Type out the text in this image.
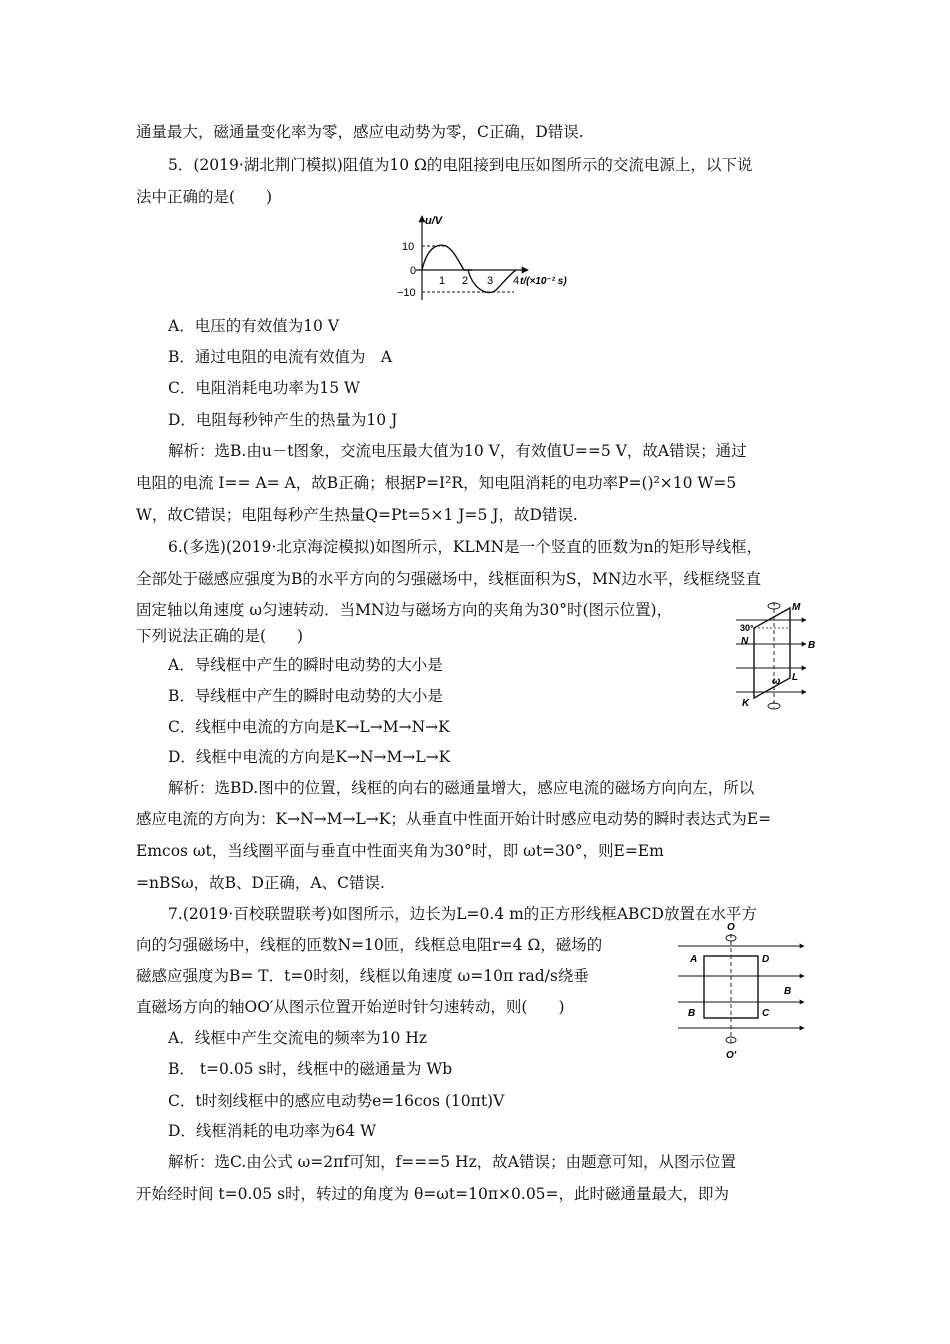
通量最大，磁通量变化率为零，感应电动势为零，C正确，D错误.
5．(2019·湖北荆门模拟)阻值为10 Ω的电阻接到电压如图所示的交流电源上，以下说
法中正确的是(　　)
u/V
10
0
−10
1 2 3 4 t/(×10⁻² s)
A．电压的有效值为10 V
B．通过电阻的电流有效值为　A
C．电阻消耗电功率为15 W
D．电阻每秒钟产生的热量为10 J
解析：选B.由u－t图象，交流电压最大值为10 V，有效值U==5 V，故A错误；通过
电阻的电流 I== A= A，故B正确；根据P=I²R，知电阻消耗的电功率P=()²×10 W=5
W，故C错误；电阻每秒产生热量Q=Pt=5×1 J=5 J，故D错误.
6.(多选)(2019·北京海淀模拟)如图所示，KLMN是一个竖直的匝数为n的矩形导线框，
全部处于磁感应强度为B的水平方向的匀强磁场中，线框面积为S，MN边水平，线框绕竖直
固定轴以角速度 ω匀速转动．当MN边与磁场方向的夹角为30°时(图示位置)，
下列说法正确的是(　　)
M
30°
N	B
ω L
K
A．导线框中产生的瞬时电动势的大小是
B．导线框中产生的瞬时电动势的大小是
C．线框中电流的方向是K→L→M→N→K
D．线框中电流的方向是K→N→M→L→K
解析：选BD.图中的位置，线框的向右的磁通量增大，感应电流的磁场方向向左，所以
感应电流的方向为：K→N→M→L→K；从垂直中性面开始计时感应电动势的瞬时表达式为E=
Emcos ωt，当线圈平面与垂直中性面夹角为30°时，即 ωt=30°，则E=Em
=nBSω，故B、D正确，A、C错误.
7.(2019·百校联盟联考)如图所示，边长为L=0.4 m的正方形线框ABCD放置在水平方
向的匀强磁场中，线框的匝数N=10匝，线框总电阻r=4 Ω，磁场的
磁感应强度为B= T．t=0时刻，线框以角速度 ω=10π rad/s绕垂
直磁场方向的轴OO′从图示位置开始逆时针匀速转动，则(　　)
O
A	D
B
B	C
O′
A．线框中产生交流电的频率为10 Hz
B． t=0.05 s时，线框中的磁通量为 Wb
C．t时刻线框中的感应电动势e=16cos (10πt)V
D．线框消耗的电功率为64 W
解析：选C.由公式 ω=2πf可知，f===5 Hz，故A错误；由题意可知，从图示位置
开始经时间 t=0.05 s时，转过的角度为 θ=ωt=10π×0.05=，此时磁通量最大，即为
